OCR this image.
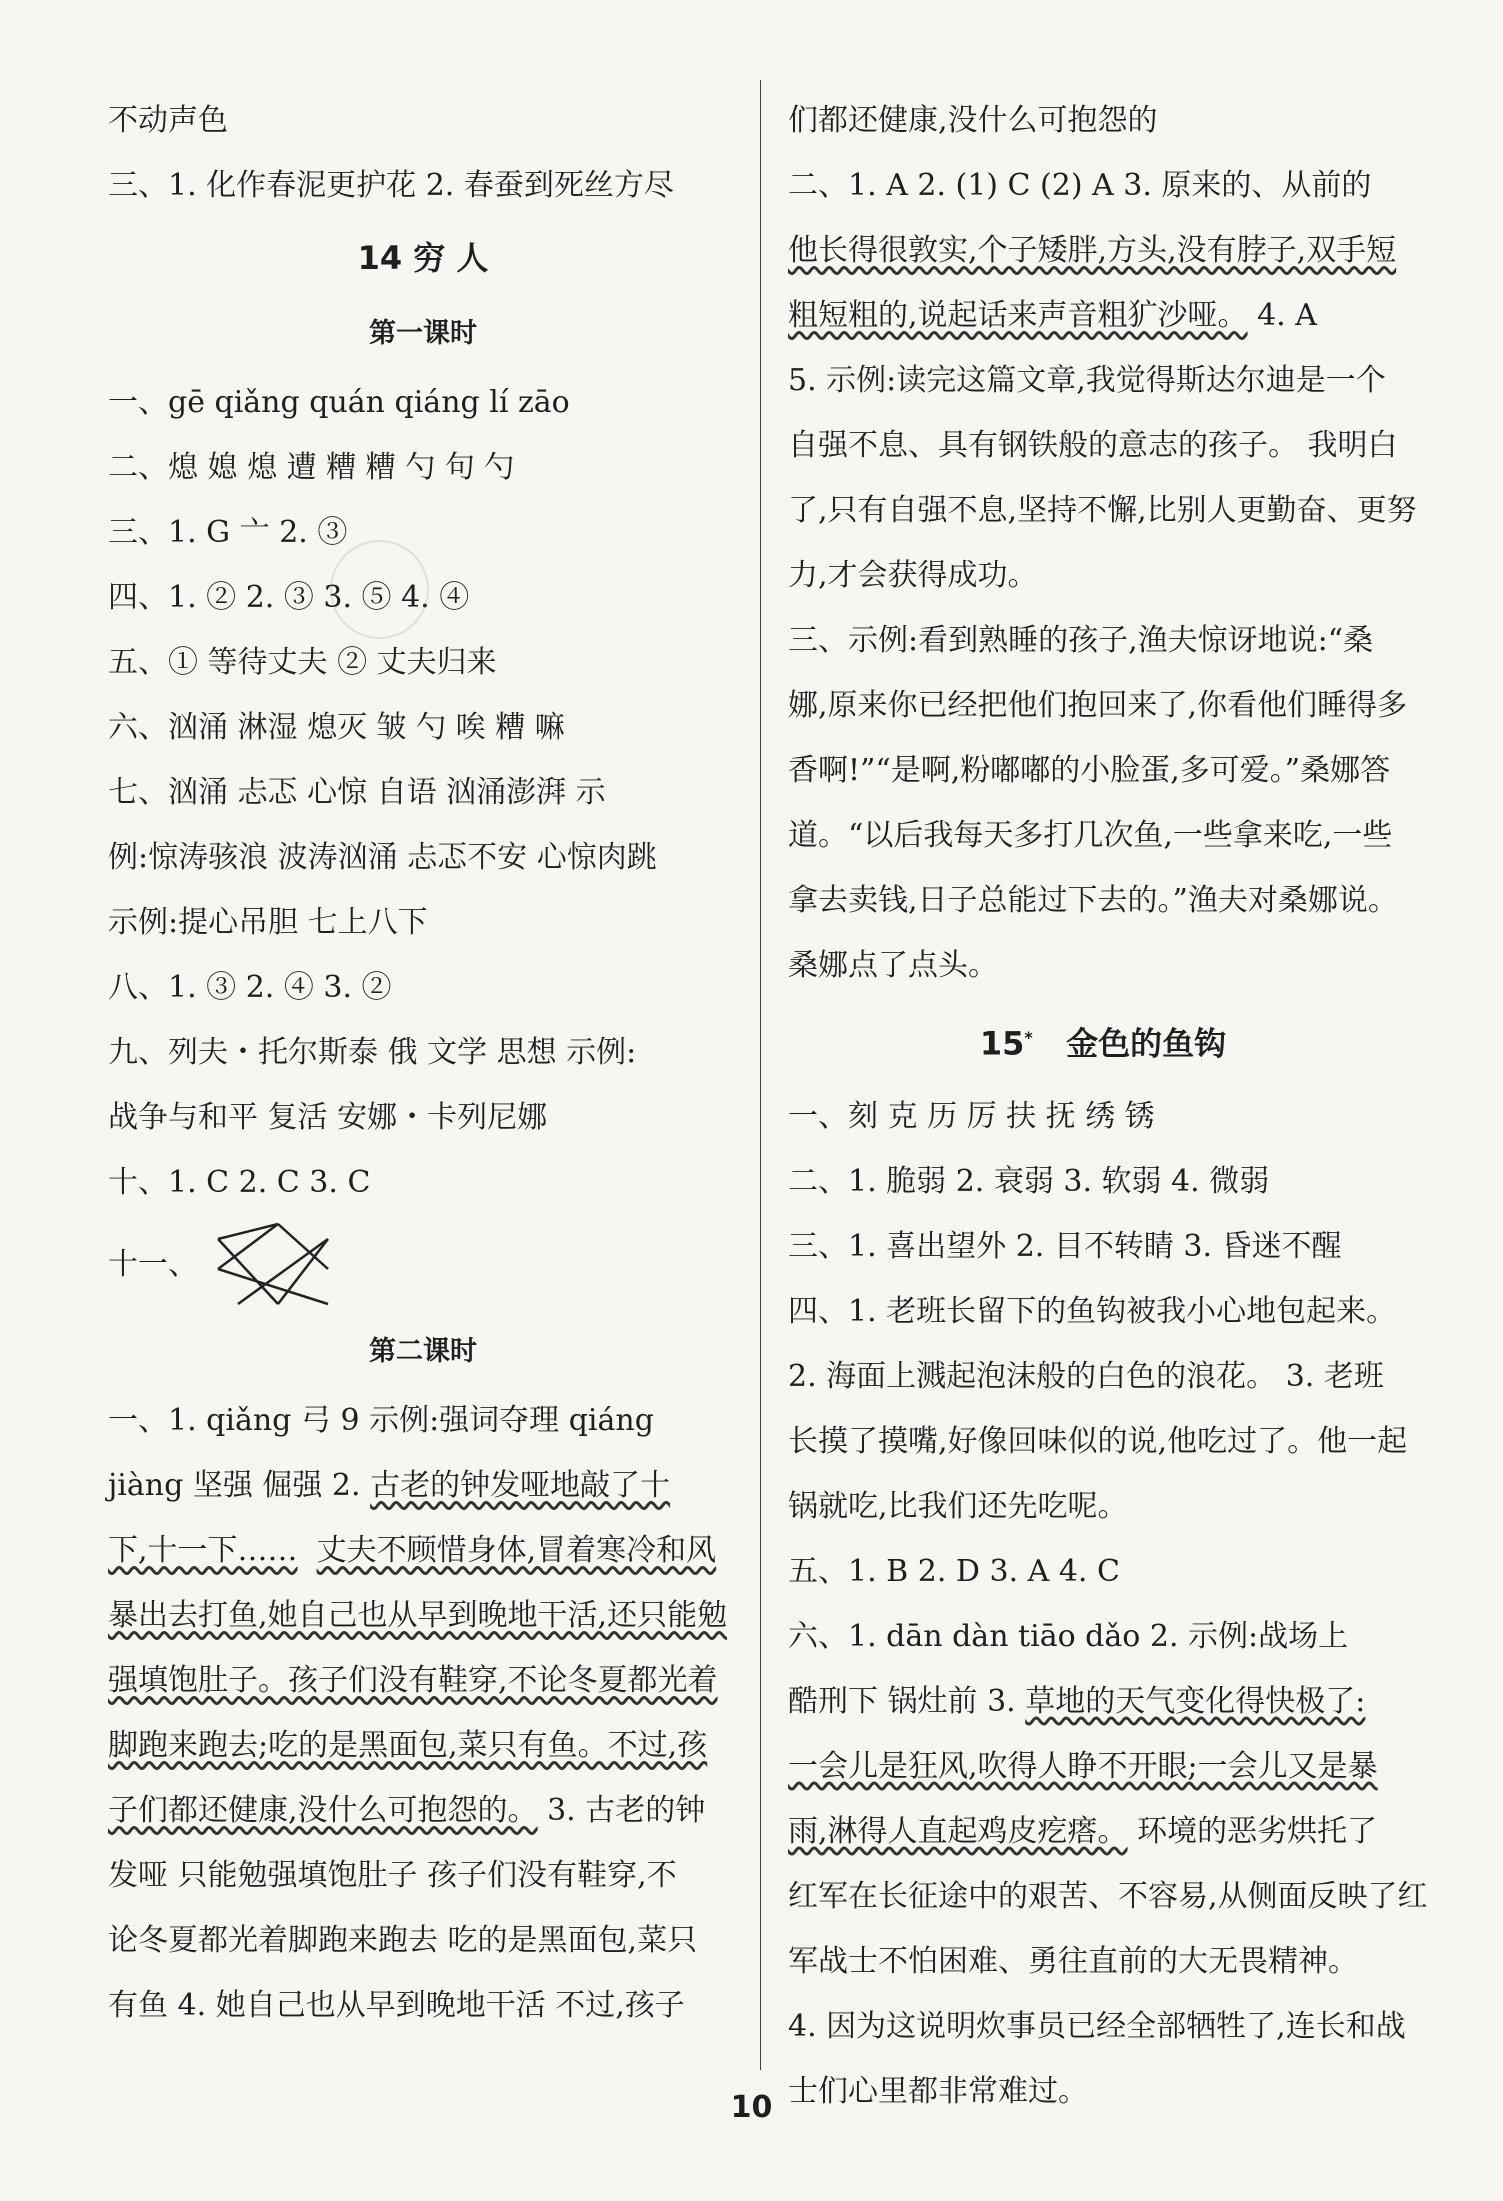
不动声色
三、1. 化作春泥更护花 2. 春蚕到死丝方尽
14 穷 人
第一课时
一、gē qiǎng quán qiáng lí zāo
二、熄 媳 熄 遭 糟 糟 勺 句 勺
三、1. G 亠 2. ③
四、1. ② 2. ③ 3. ⑤ 4. ④
五、① 等待丈夫 ② 丈夫归来
六、汹涌 淋湿 熄灭 皱 勺 唉 糟 嘛
七、汹涌 忐忑 心惊 自语 汹涌澎湃 示
例:惊涛骇浪 波涛汹涌 忐忑不安 心惊肉跳
示例:提心吊胆 七上八下
八、1. ③ 2. ④ 3. ②
九、列夫・托尔斯泰 俄 文学 思想 示例:
战争与和平 复活 安娜・卡列尼娜
十、1. C 2. C 3. C
十一、
第二课时
一、1. qiǎng 弓 9 示例:强词夺理 qiáng
jiàng 坚强 倔强 2. 古老的钟发哑地敲了十
下,十一下…… 丈夫不顾惜身体,冒着寒冷和风
暴出去打鱼,她自己也从早到晚地干活,还只能勉
强填饱肚子。孩子们没有鞋穿,不论冬夏都光着
脚跑来跑去;吃的是黑面包,菜只有鱼。不过,孩
子们都还健康,没什么可抱怨的。 3. 古老的钟
发哑 只能勉强填饱肚子 孩子们没有鞋穿,不
论冬夏都光着脚跑来跑去 吃的是黑面包,菜只
有鱼 4. 她自己也从早到晚地干活 不过,孩子
们都还健康,没什么可抱怨的
二、1. A 2. (1) C (2) A 3. 原来的、从前的
他长得很敦实,个子矮胖,方头,没有脖子,双手短
粗短粗的,说起话来声音粗犷沙哑。 4. A
5. 示例:读完这篇文章,我觉得斯达尔迪是一个
自强不息、具有钢铁般的意志的孩子。 我明白
了,只有自强不息,坚持不懈,比别人更勤奋、更努
力,才会获得成功。
三、示例:看到熟睡的孩子,渔夫惊讶地说:“桑
娜,原来你已经把他们抱回来了,你看他们睡得多
香啊!”“是啊,粉嘟嘟的小脸蛋,多可爱。”桑娜答
道。“以后我每天多打几次鱼,一些拿来吃,一些
拿去卖钱,日子总能过下去的。”渔夫对桑娜说。
桑娜点了点头。
15* 金色的鱼钩
一、刻 克 历 厉 扶 抚 绣 锈
二、1. 脆弱 2. 衰弱 3. 软弱 4. 微弱
三、1. 喜出望外 2. 目不转睛 3. 昏迷不醒
四、1. 老班长留下的鱼钩被我小心地包起来。
2. 海面上溅起泡沫般的白色的浪花。 3. 老班
长摸了摸嘴,好像回味似的说,他吃过了。他一起
锅就吃,比我们还先吃呢。
五、1. B 2. D 3. A 4. C
六、1. dān dàn tiāo dǎo 2. 示例:战场上
酷刑下 锅灶前 3. 草地的天气变化得快极了:
一会儿是狂风,吹得人睁不开眼;一会儿又是暴
雨,淋得人直起鸡皮疙瘩。 环境的恶劣烘托了
红军在长征途中的艰苦、不容易,从侧面反映了红
军战士不怕困难、勇往直前的大无畏精神。
4. 因为这说明炊事员已经全部牺牲了,连长和战
士们心里都非常难过。
10
